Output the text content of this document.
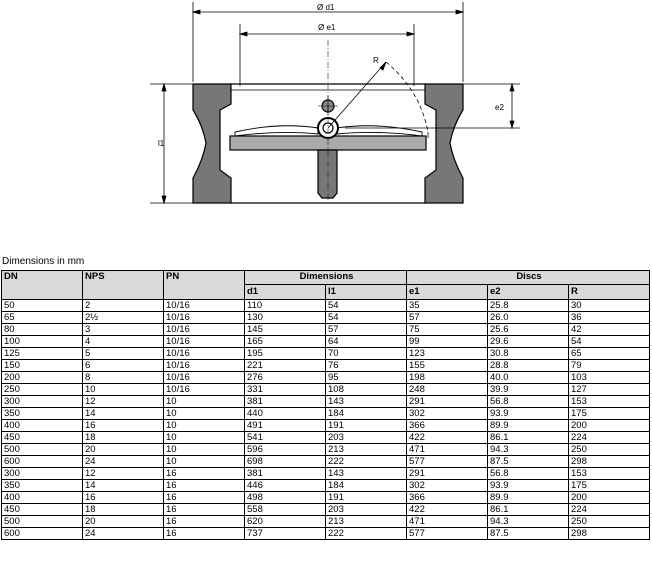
Ø d1
Ø e1
R
e2
l1
Dimensions in mm
DN	NPS	PN	Dimensions		Discs		
			d1	l1	e1	e2	R
50	2	10/16	110	54	35	25.8	30
65	2½	10/16	130	54	57	26.0	36
80	3	10/16	145	57	75	25.6	42
100	4	10/16	165	64	99	29.6	54
125	5	10/16	195	70	123	30.8	65
150	6	10/16	221	76	155	28.8	79
200	8	10/16	276	95	198	40.0	103
250	10	10/16	331	108	248	39.9	127
300	12	10	381	143	291	56.8	153
350	14	10	440	184	302	93.9	175
400	16	10	491	191	366	89.9	200
450	18	10	541	203	422	86.1	224
500	20	10	596	213	471	94.3	250
600	24	10	698	222	577	87.5	298
300	12	16	381	143	291	56.8	153
350	14	16	446	184	302	93.9	175
400	16	16	498	191	366	89.9	200
450	18	16	558	203	422	86.1	224
500	20	16	620	213	471	94.3	250
600	24	16	737	222	577	87.5	298
